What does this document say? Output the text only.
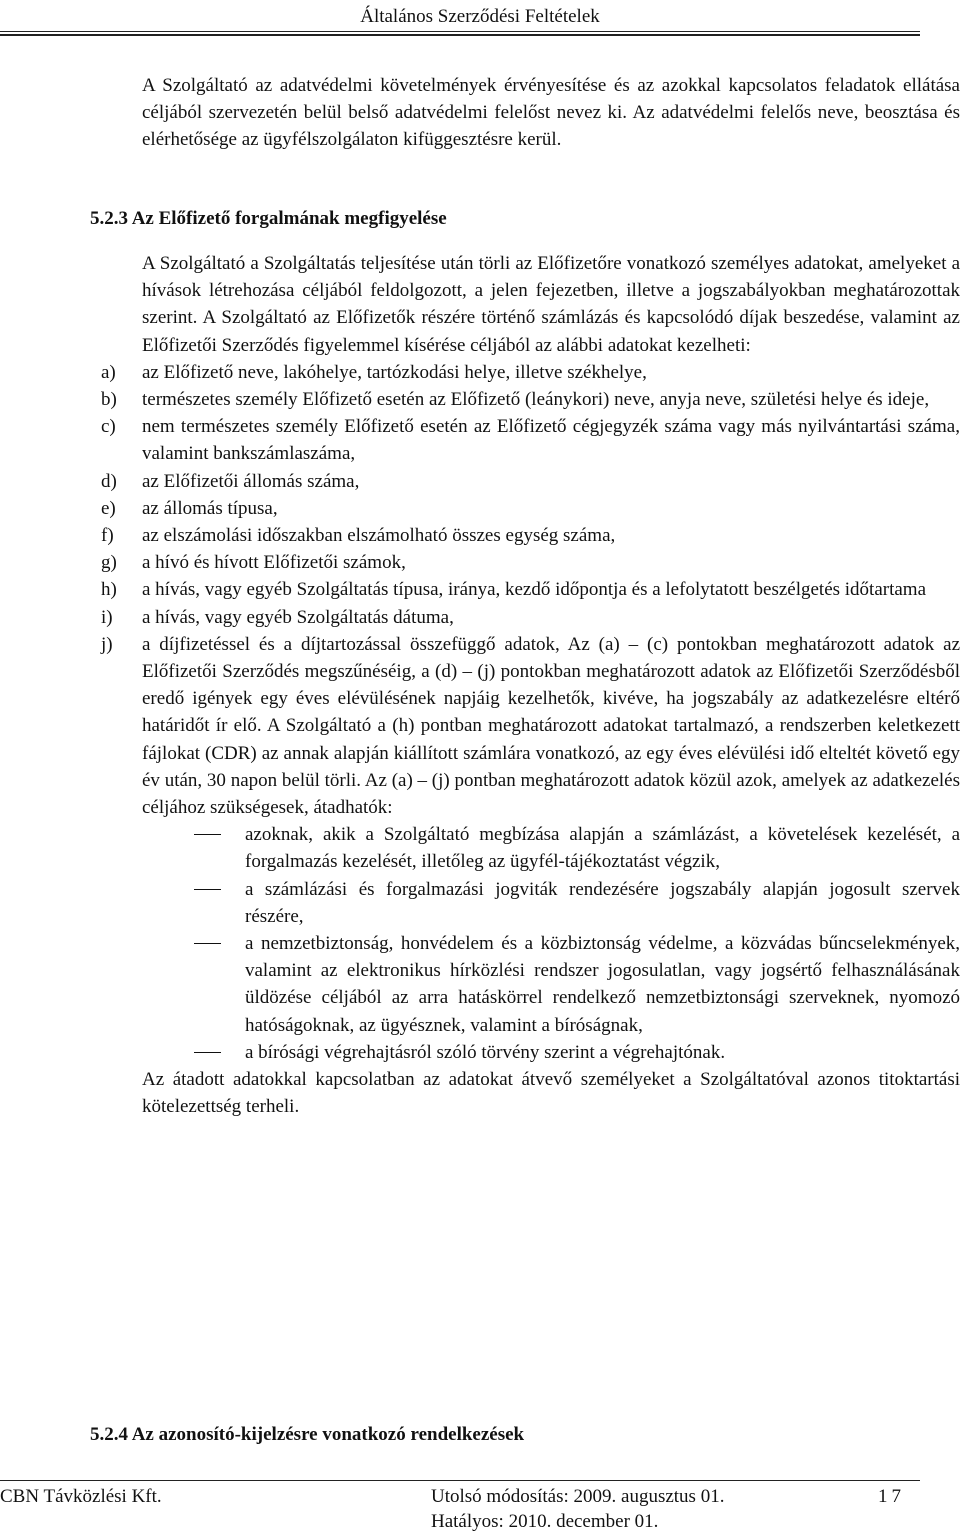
Általános Szerződési Feltételek

A Szolgáltató az adatvédelmi követelmények érvényesítése és az azokkal kapcsolatos feladatok ellátása céljából szervezetén belül belső adatvédelmi felelőst nevez ki. Az adatvédelmi felelős neve, beosztása és elérhetősége az ügyfélszolgálaton kifüggesztésre kerül.

5.2.3 Az Előfizető forgalmának megfigyelése

A Szolgáltató a Szolgáltatás teljesítése után törli az Előfizetőre vonatkozó személyes adatokat, amelyeket a hívások létrehozása céljából feldolgozott, a jelen fejezetben, illetve a jogszabályokban meghatározottak szerint. A Szolgáltató az Előfizetők részére történő számlázás és kapcsolódó díjak beszedése, valamint az Előfizetői Szerződés figyelemmel kísérése céljából az alábbi adatokat kezelheti:

a) az Előfizető neve, lakóhelye, tartózkodási helye, illetve székhelye,
b) természetes személy Előfizető esetén az Előfizető (leánykori) neve, anyja neve, születési helye és ideje,
c) nem természetes személy Előfizető esetén az Előfizető cégjegyzék száma vagy más nyilvántartási száma, valamint bankszámlaszáma,
d) az Előfizetői állomás száma,
e) az állomás típusa,
f) az elszámolási időszakban elszámolható összes egység száma,
g) a hívó és hívott Előfizetői számok,
h) a hívás, vagy egyéb Szolgáltatás típusa, iránya, kezdő időpontja és a lefolytatott beszélgetés időtartama
i) a hívás, vagy egyéb Szolgáltatás dátuma,
j) a díjfizetéssel és a díjtartozással összefüggő adatok, Az (a) – (c) pontokban meghatározott adatok az Előfizetői Szerződés megszűnéséig, a (d) – (j) pontokban meghatározott adatok az Előfizetői Szerződésből eredő igények egy éves elévülésének napjáig kezelhetők, kivéve, ha jogszabály az adatkezelésre eltérő határidőt ír elő. A Szolgáltató a (h) pontban meghatározott adatokat tartalmazó, a rendszerben keletkezett fájlokat (CDR) az annak alapján kiállított számlára vonatkozó, az egy éves elévülési idő elteltét követő egy év után, 30 napon belül törli. Az (a) – (j) pontban meghatározott adatok közül azok, amelyek az adatkezelés céljához szükségesek, átadhatók:
azoknak, akik a Szolgáltató megbízása alapján a számlázást, a követelések kezelését, a forgalmazás kezelését, illetőleg az ügyfél-tájékoztatást végzik,
a számlázási és forgalmazási jogviták rendezésére jogszabály alapján jogosult szervek részére,
a nemzetbiztonság, honvédelem és a közbiztonság védelme, a közvádas bűncselekmények, valamint az elektronikus hírközlési rendszer jogosulatlan, vagy jogsértő felhasználásának üldözése céljából az arra hatáskörrel rendelkező nemzetbiztonsági szerveknek, nyomozó hatóságoknak, az ügyésznek, valamint a bíróságnak,
a bírósági végrehajtásról szóló törvény szerint a végrehajtónak.

Az átadott adatokkal kapcsolatban az adatokat átvevő személyeket a Szolgáltatóval azonos titoktartási kötelezettség terheli.

5.2.4 Az azonosító-kijelzésre vonatkozó rendelkezések
CBN Távközlési Kft.	Utolsó módosítás: 2009. augusztus 01.
Hatályos: 2010. december 01.
17
